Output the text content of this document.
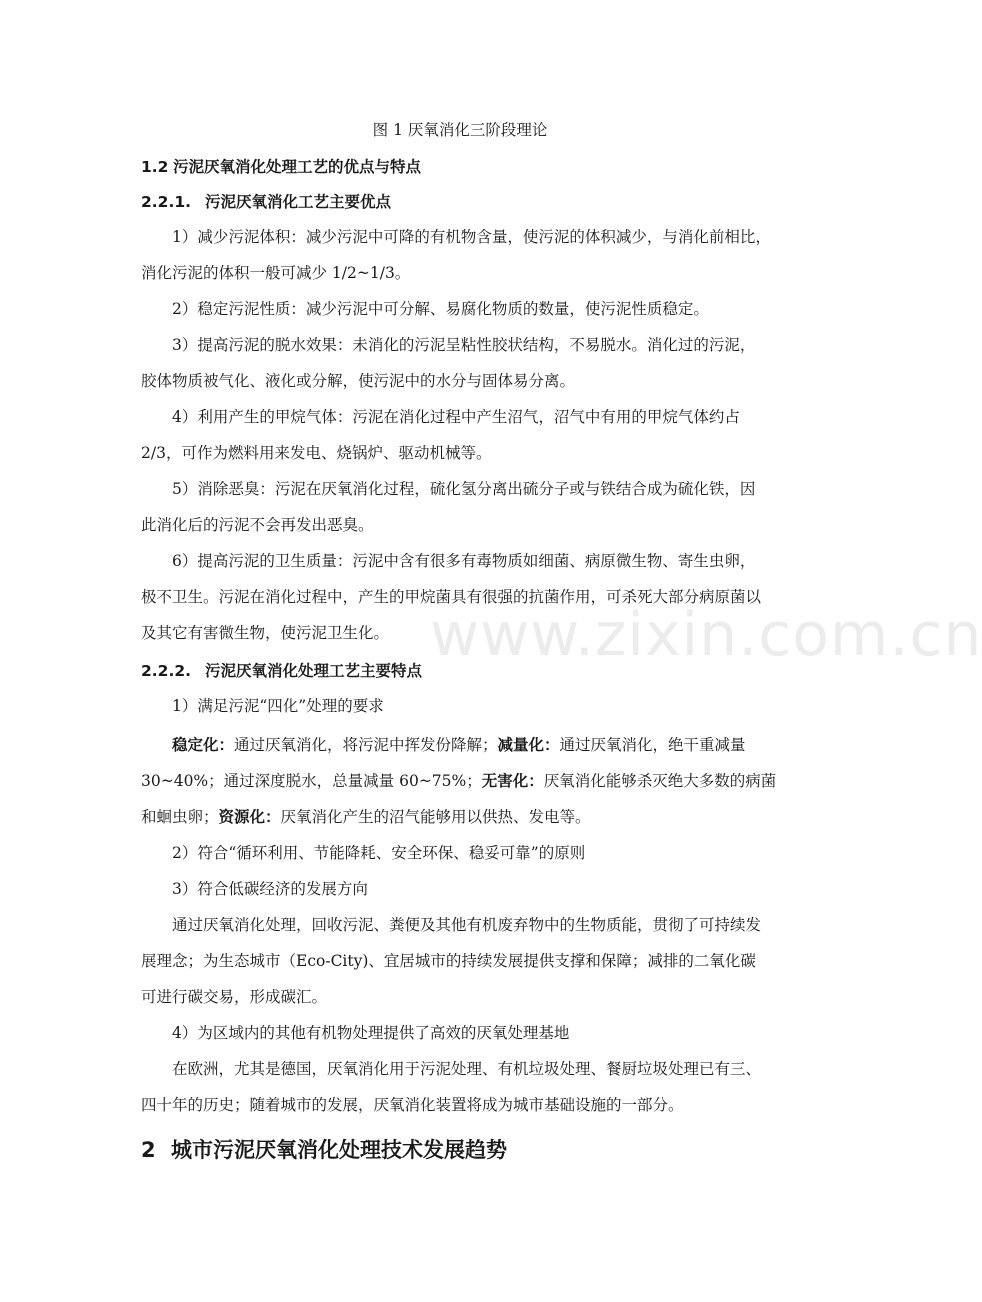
图 1 厌氧消化三阶段理论
1.2 污泥厌氧消化处理工艺的优点与特点
2.2.1. 污泥厌氧消化工艺主要优点
1）减少污泥体积：减少污泥中可降的有机物含量，使污泥的体积减少，与消化前相比，
消化污泥的体积一般可减少 1/2~1/3。
2）稳定污泥性质：减少污泥中可分解、易腐化物质的数量，使污泥性质稳定。
3）提高污泥的脱水效果：未消化的污泥呈粘性胶状结构，不易脱水。消化过的污泥，
胶体物质被气化、液化或分解，使污泥中的水分与固体易分离。
4）利用产生的甲烷气体：污泥在消化过程中产生沼气，沼气中有用的甲烷气体约占
2/3，可作为燃料用来发电、烧锅炉、驱动机械等。
5）消除恶臭：污泥在厌氧消化过程，硫化氢分离出硫分子或与铁结合成为硫化铁，因
此消化后的污泥不会再发出恶臭。
6）提高污泥的卫生质量：污泥中含有很多有毒物质如细菌、病原微生物、寄生虫卵，
极不卫生。污泥在消化过程中，产生的甲烷菌具有很强的抗菌作用，可杀死大部分病原菌以
及其它有害微生物，使污泥卫生化。
2.2.2. 污泥厌氧消化处理工艺主要特点
1）满足污泥“四化”处理的要求
稳定化：通过厌氧消化，将污泥中挥发份降解；减量化：通过厌氧消化，绝干重减量
30~40%；通过深度脱水，总量减量 60~75%；无害化：厌氧消化能够杀灭绝大多数的病菌
和蛔虫卵；资源化：厌氧消化产生的沼气能够用以供热、发电等。
2）符合“循环利用、节能降耗、安全环保、稳妥可靠”的原则
3）符合低碳经济的发展方向
通过厌氧消化处理，回收污泥、粪便及其他有机废弃物中的生物质能，贯彻了可持续发
展理念；为生态城市（Eco-City)、宜居城市的持续发展提供支撑和保障；减排的二氧化碳
可进行碳交易，形成碳汇。
4）为区域内的其他有机物处理提供了高效的厌氧处理基地
在欧洲，尤其是德国，厌氧消化用于污泥处理、有机垃圾处理、餐厨垃圾处理已有三、
四十年的历史；随着城市的发展，厌氧消化装置将成为城市基础设施的一部分。
2 城市污泥厌氧消化处理技术发展趋势
www.zixin.com.cn
